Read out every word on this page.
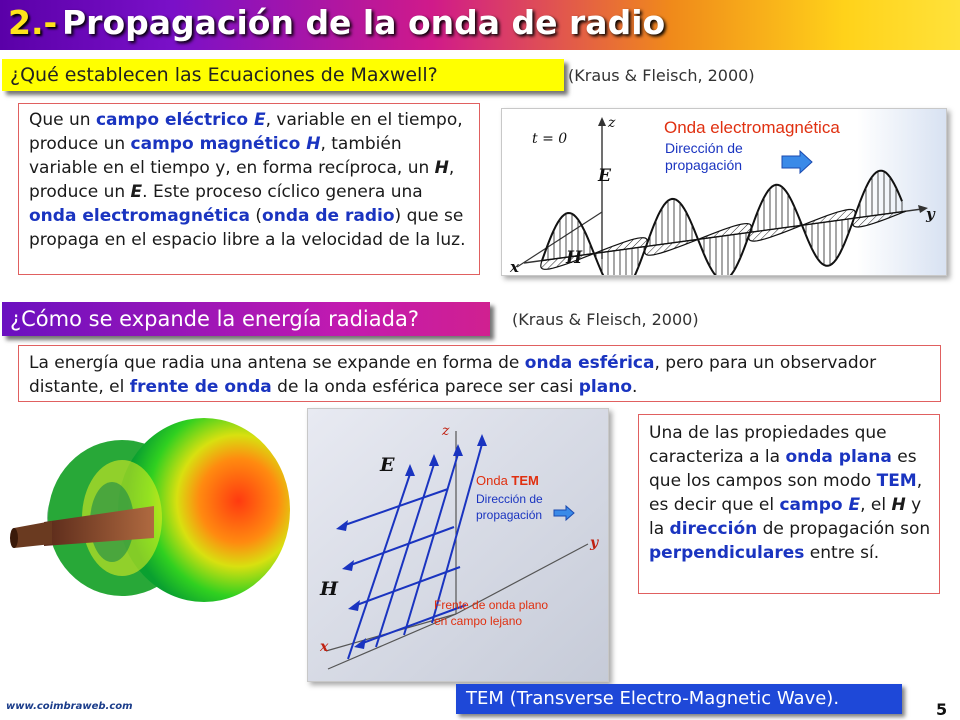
2.- Propagación de la onda de radio
¿Qué establecen las Ecuaciones de Maxwell?	(Kraus & Fleisch, 2000)
Que un campo eléctrico E, variable en el tiempo, produce un campo magnético H, también variable en el tiempo y, en forma recíproca, un H, produce un E. Este proceso cíclico genera una onda electromagnética (onda de radio) que se propaga en el espacio libre a la velocidad de la luz.
t = 0
z
y
x
E
H
Onda electromagnética
Dirección de
propagación
¿Cómo se expande la energía radiada?	(Kraus & Fleisch, 2000)
La energía que radia una antena se expande en forma de onda esférica, pero para un observador distante, el frente de onda de la onda esférica parece ser casi plano.
z
y
x
E
H
Onda TEM
Dirección de
propagación
Frente de onda plano
en campo lejano
Una de las propiedades que caracteriza a la onda plana es que los campos son modo TEM, es decir que el campo E, el H y la dirección de propagación son perpendiculares entre sí.
TEM (Transverse Electro-Magnetic Wave).
www.coimbraweb.com	5
